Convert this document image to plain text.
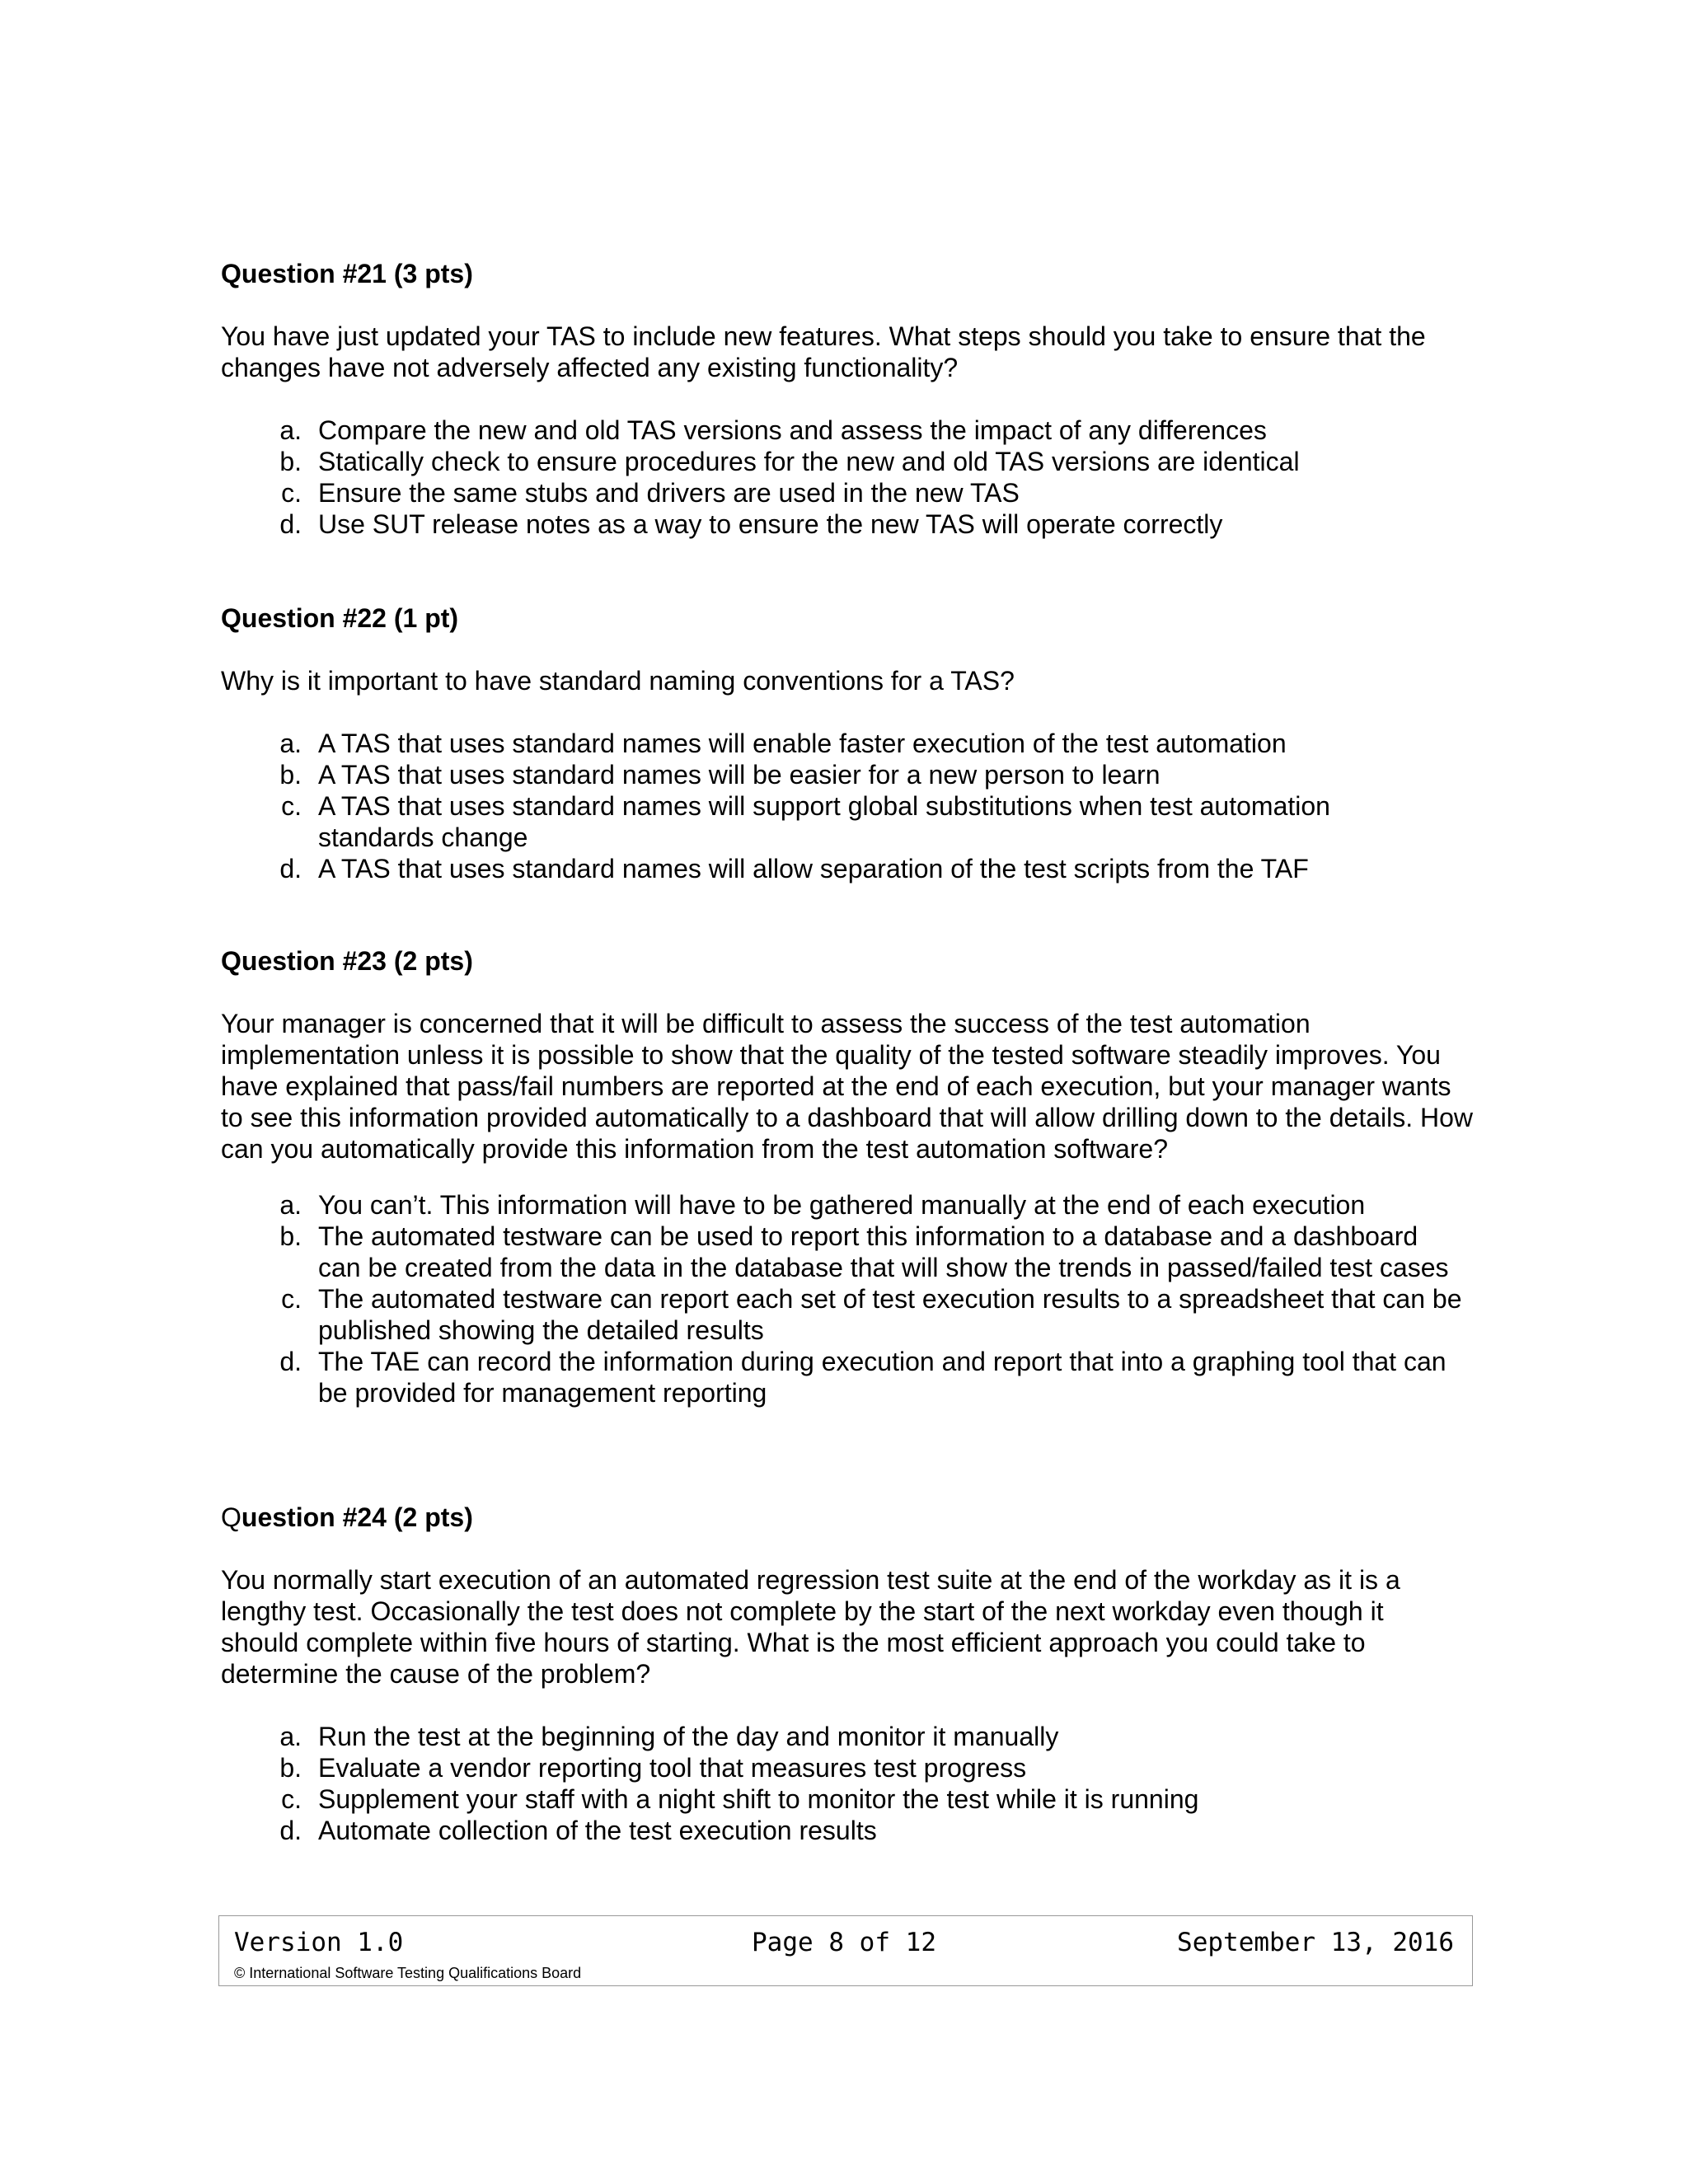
Question #21 (3 pts)

You have just updated your TAS to include new features. What steps should you take to ensure that the changes have not adversely affected any existing functionality?

a. Compare the new and old TAS versions and assess the impact of any differences
b. Statically check to ensure procedures for the new and old TAS versions are identical
c. Ensure the same stubs and drivers are used in the new TAS
d. Use SUT release notes as a way to ensure the new TAS will operate correctly

Question #22 (1 pt)

Why is it important to have standard naming conventions for a TAS?

a. A TAS that uses standard names will enable faster execution of the test automation
b. A TAS that uses standard names will be easier for a new person to learn
c. A TAS that uses standard names will support global substitutions when test automation standards change
d. A TAS that uses standard names will allow separation of the test scripts from the TAF

Question #23 (2 pts)

Your manager is concerned that it will be difficult to assess the success of the test automation implementation unless it is possible to show that the quality of the tested software steadily improves. You have explained that pass/fail numbers are reported at the end of each execution, but your manager wants to see this information provided automatically to a dashboard that will allow drilling down to the details. How can you automatically provide this information from the test automation software?

a. You can’t. This information will have to be gathered manually at the end of each execution
b. The automated testware can be used to report this information to a database and a dashboard can be created from the data in the database that will show the trends in passed/failed test cases
c. The automated testware can report each set of test execution results to a spreadsheet that can be published showing the detailed results
d. The TAE can record the information during execution and report that into a graphing tool that can be provided for management reporting

Question #24 (2 pts)

You normally start execution of an automated regression test suite at the end of the workday as it is a lengthy test. Occasionally the test does not complete by the start of the next workday even though it should complete within five hours of starting. What is the most efficient approach you could take to determine the cause of the problem?

a. Run the test at the beginning of the day and monitor it manually
b. Evaluate a vendor reporting tool that measures test progress
c. Supplement your staff with a night shift to monitor the test while it is running
d. Automate collection of the test execution results
Version 1.0	Page 8 of 12	September 13, 2016
© International Software Testing Qualifications Board
